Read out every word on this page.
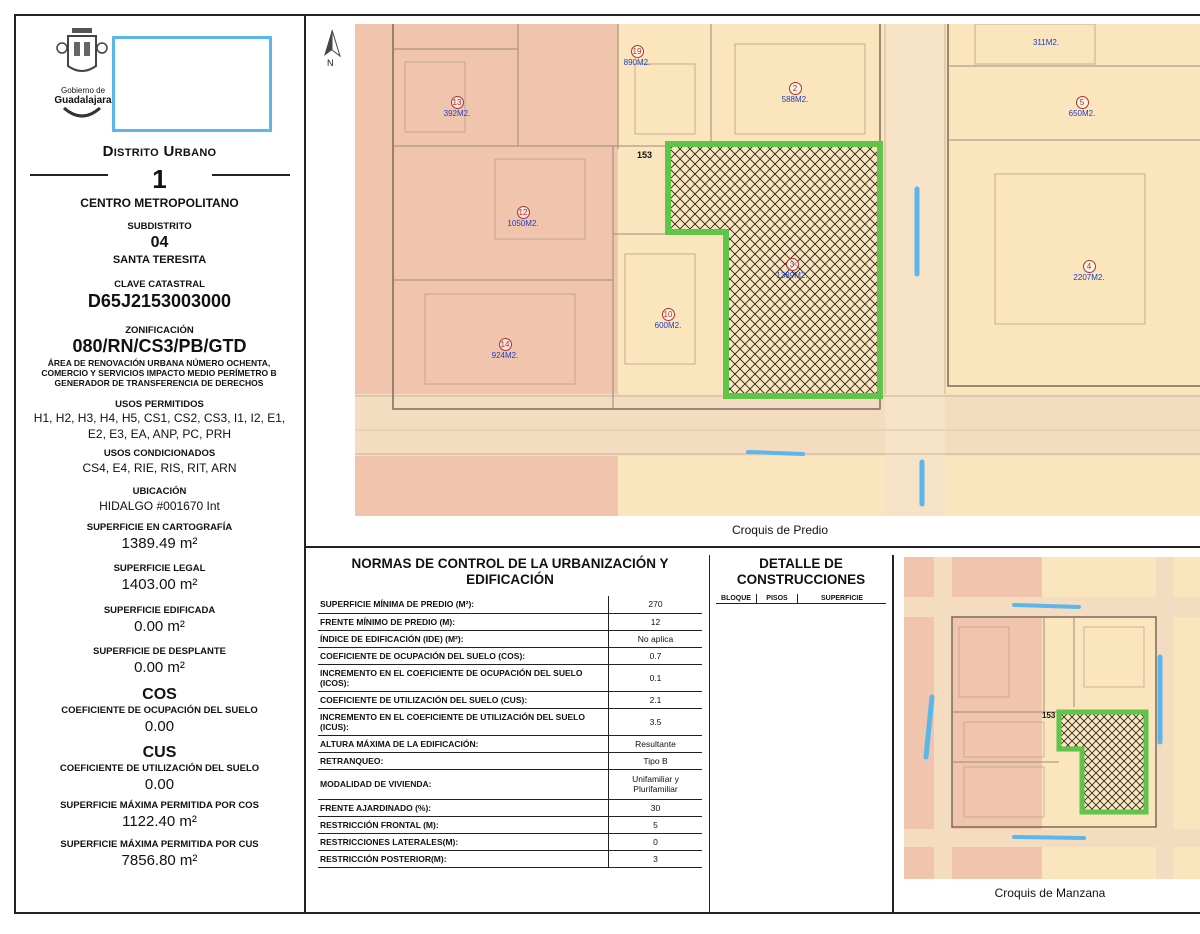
Gobierno de
Guadalajara
Distrito Urbano
1
CENTRO METROPOLITANO
SUBDISTRITO
04
SANTA TERESITA
CLAVE CATASTRAL
D65J2153003000
ZONIFICACIÓN
080/RN/CS3/PB/GTD
ÁREA DE RENOVACIÓN URBANA NÚMERO OCHENTA, COMERCIO Y SERVICIOS IMPACTO MEDIO PERÍMETRO B GENERADOR DE TRANSFERENCIA DE DERECHOS
USOS PERMITIDOS
H1, H2, H3, H4, H5, CS1, CS2, CS3, I1, I2, E1,
E2, E3, EA, ANP, PC, PRH
USOS CONDICIONADOS
CS4, E4, RIE, RIS, RIT, ARN
UBICACIÓN
HIDALGO #001670 Int
SUPERFICIE EN CARTOGRAFÍA
1389.49 m²
SUPERFICIE LEGAL
1403.00 m²
SUPERFICIE EDIFICADA
0.00 m²
SUPERFICIE DE DESPLANTE
0.00 m²
COS
COEFICIENTE DE OCUPACIÓN DEL SUELO
0.00
CUS
COEFICIENTE DE UTILIZACIÓN DEL SUELO
0.00
SUPERFICIE MÁXIMA PERMITIDA POR COS
1122.40 m²
SUPERFICIE MÁXIMA PERMITIDA POR CUS
7856.80 m²
N
153
19
890M2.
2
588M2.
311M2.
13
392M2.
5
650M2.
12
1050M2.
3
1389M2.
4
2207M2.
10
600M2.
14
924M2.
Croquis de Predio
NORMAS DE CONTROL DE LA URBANIZACIÓN Y
EDIFICACIÓN
SUPERFICIE MÍNIMA DE PREDIO (M²):	270
FRENTE MÍNIMO DE PREDIO (M):	12
ÍNDICE DE EDIFICACIÓN (IDE) (M²):	No aplica
COEFICIENTE DE OCUPACIÓN DEL SUELO (COS):	0.7
INCREMENTO EN EL COEFICIENTE DE OCUPACIÓN DEL SUELO (ICOS):	0.1
COEFICIENTE DE UTILIZACIÓN DEL SUELO (CUS):	2.1
INCREMENTO EN EL COEFICIENTE DE UTILIZACIÓN DEL SUELO (ICUS):	3.5
ALTURA MÁXIMA DE LA EDIFICACIÓN:	Resultante
RETRANQUEO:	Tipo B
MODALIDAD DE VIVIENDA:	Unifamiliar y Plurifamiliar
FRENTE AJARDINADO (%):	30
RESTRICCIÓN FRONTAL (M):	5
RESTRICCIONES LATERALES(M):	0
RESTRICCIÓN POSTERIOR(M):	3
DETALLE DE
CONSTRUCCIONES
BLOQUE	PISOS	SUPERFICIE
153
Croquis de Manzana
